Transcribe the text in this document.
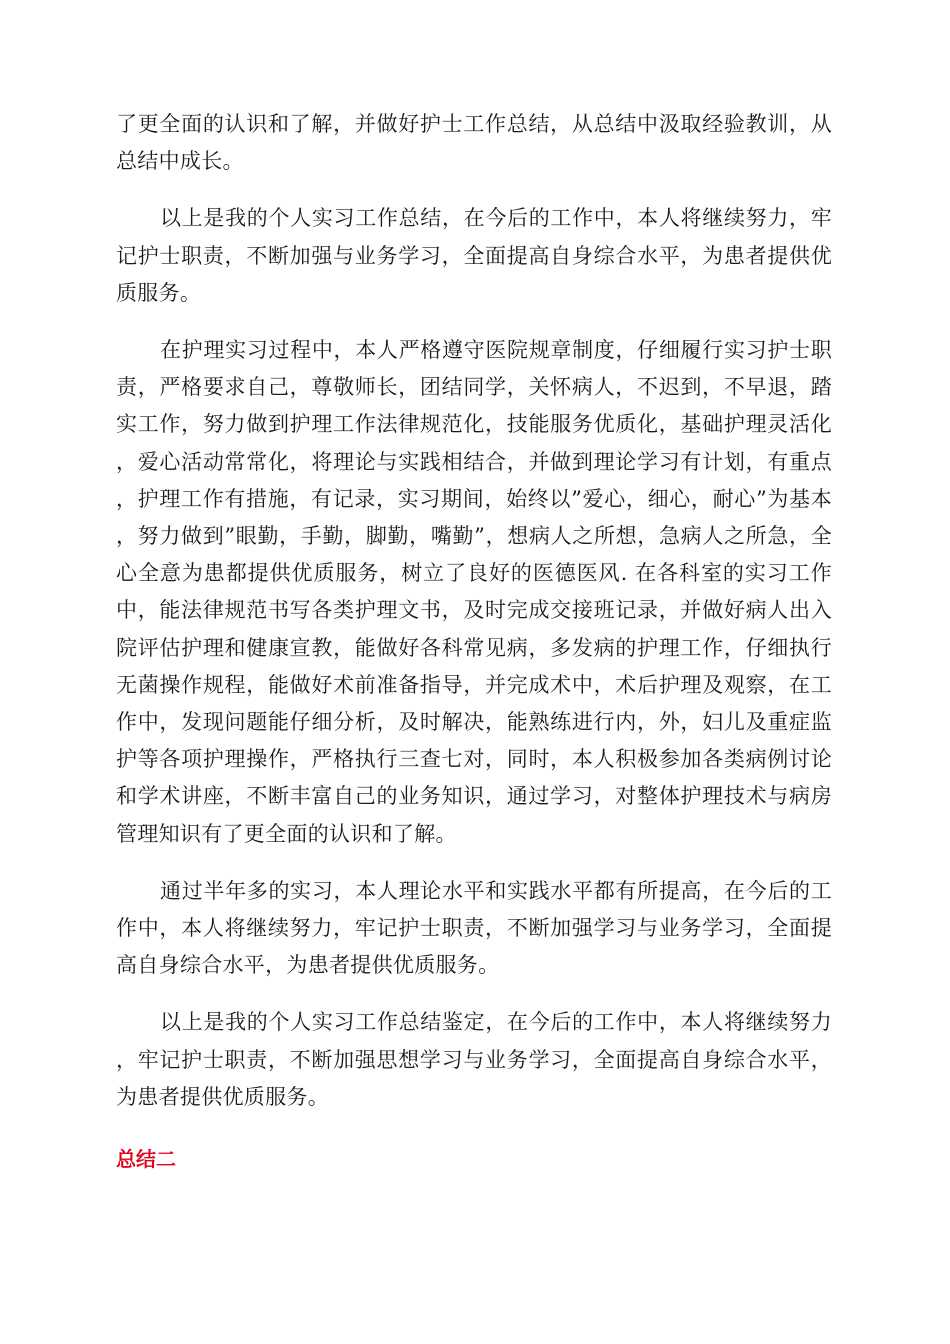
了更全面的认识和了解，并做好护士工作总结，从总结中汲取经验教训，从总结中成长。

以上是我的个人实习工作总结，在今后的工作中，本人将继续努力，牢记护士职责，不断加强与业务学习，全面提高自身综合水平，为患者提供优质服务。

在护理实习过程中，本人严格遵守医院规章制度，仔细履行实习护士职责，严格要求自己，尊敬师长，团结同学，关怀病人，不迟到，不早退，踏实工作，努力做到护理工作法律规范化，技能服务优质化，基础护理灵活化，爱心活动常常化，将理论与实践相结合，并做到理论学习有计划，有重点，护理工作有措施，有记录，实习期间，始终以”爱心，细心，耐心”为基本，努力做到”眼勤，手勤，脚勤，嘴勤”，想病人之所想，急病人之所急，全心全意为患都提供优质服务，树立了良好的医德医风. 在各科室的实习工作中，能法律规范书写各类护理文书，及时完成交接班记录，并做好病人出入院评估护理和健康宣教，能做好各科常见病，多发病的护理工作，仔细执行无菌操作规程，能做好术前准备指导，并完成术中，术后护理及观察，在工作中，发现问题能仔细分析，及时解决，能熟练进行内，外，妇儿及重症监护等各项护理操作，严格执行三查七对，同时，本人积极参加各类病例讨论和学术讲座，不断丰富自己的业务知识，通过学习，对整体护理技术与病房管理知识有了更全面的认识和了解。

通过半年多的实习，本人理论水平和实践水平都有所提高，在今后的工作中，本人将继续努力，牢记护士职责，不断加强学习与业务学习，全面提高自身综合水平，为患者提供优质服务。

以上是我的个人实习工作总结鉴定，在今后的工作中，本人将继续努力，牢记护士职责，不断加强思想学习与业务学习，全面提高自身综合水平，为患者提供优质服务。

总结二
